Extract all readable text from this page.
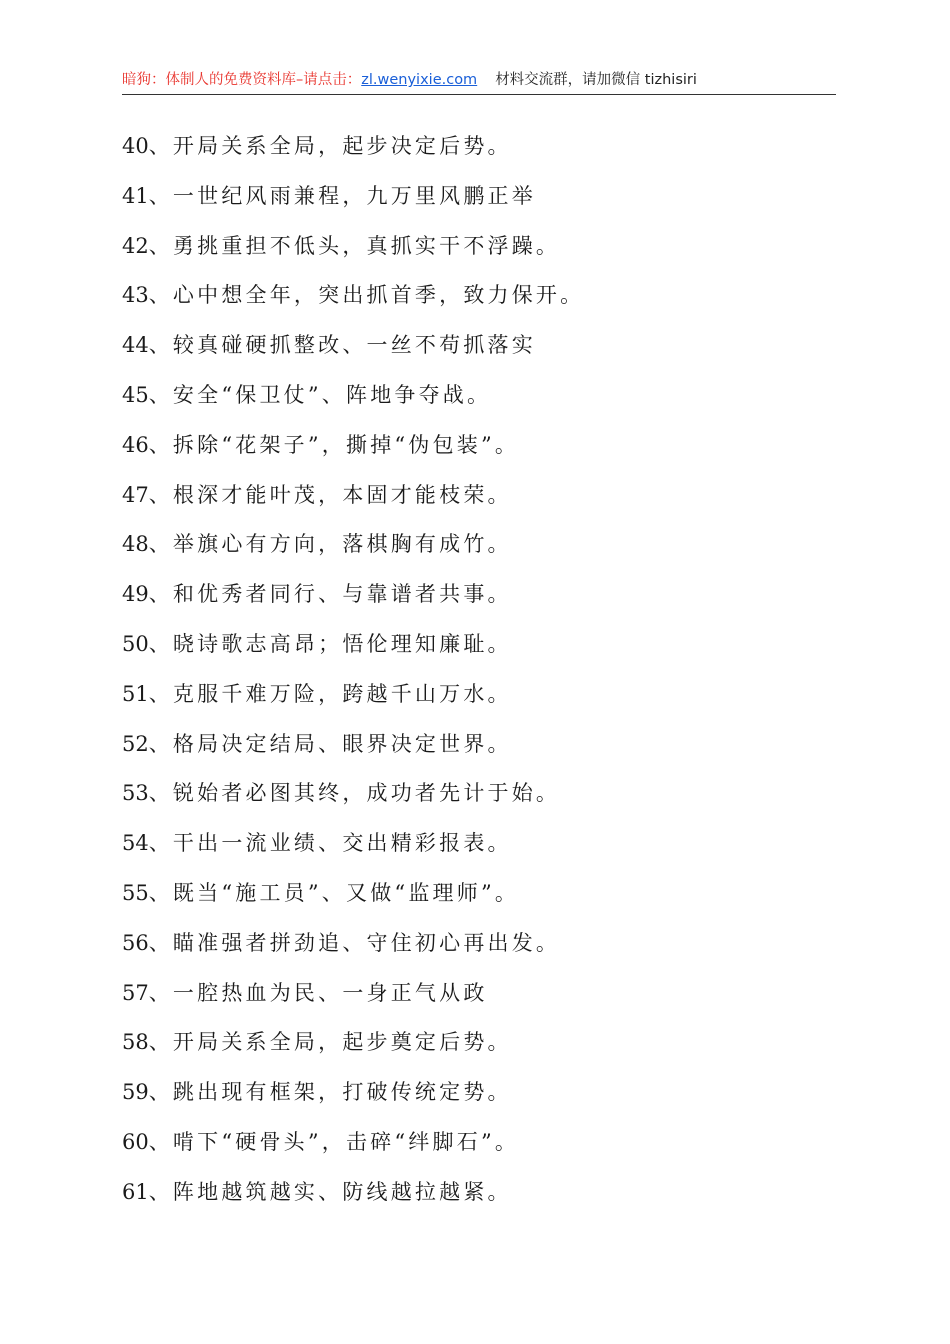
暗狗：体制人的免费资料库–请点击：zl.wenyixie.com 材料交流群，请加微信 tizhisiri
40、开局关系全局，起步决定后势。
41、一世纪风雨兼程，九万里风鹏正举
42、勇挑重担不低头，真抓实干不浮躁。
43、心中想全年，突出抓首季，致力保开。
44、较真碰硬抓整改、一丝不苟抓落实
45、安全“保卫仗”、阵地争夺战。
46、拆除“花架子”，撕掉“伪包装”。
47、根深才能叶茂，本固才能枝荣。
48、举旗心有方向，落棋胸有成竹。
49、和优秀者同行、与靠谱者共事。
50、晓诗歌志高昂；悟伦理知廉耻。
51、克服千难万险，跨越千山万水。
52、格局决定结局、眼界决定世界。
53、锐始者必图其终，成功者先计于始。
54、干出一流业绩、交出精彩报表。
55、既当“施工员”、又做“监理师”。
56、瞄准强者拼劲追、守住初心再出发。
57、一腔热血为民、一身正气从政
58、开局关系全局，起步奠定后势。
59、跳出现有框架，打破传统定势。
60、啃下“硬骨头”，击碎“绊脚石”。
61、阵地越筑越实、防线越拉越紧。
